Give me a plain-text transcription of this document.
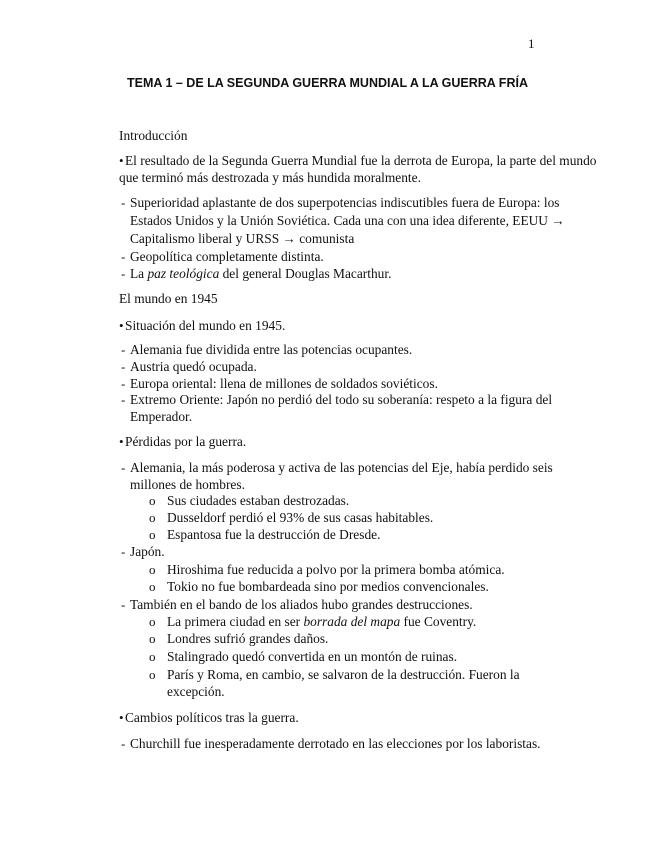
1
TEMA 1 – DE LA SEGUNDA GUERRA MUNDIAL A LA GUERRA FRÍA
Introducción
• El resultado de la Segunda Guerra Mundial fue la derrota de Europa, la parte del mundo
que terminó más destrozada y más hundida moralmente.
- Superioridad aplastante de dos superpotencias indiscutibles fuera de Europa: los
Estados Unidos y la Unión Soviética. Cada una con una idea diferente, EEUU →
Capitalismo liberal y URSS → comunista
- Geopolítica completamente distinta.
- La paz teológica del general Douglas Macarthur.
El mundo en 1945
• Situación del mundo en 1945.
- Alemania fue dividida entre las potencias ocupantes.
- Austria quedó ocupada.
- Europa oriental: llena de millones de soldados soviéticos.
- Extremo Oriente: Japón no perdió del todo su soberanía: respeto a la figura del
Emperador.
• Pérdidas por la guerra.
- Alemania, la más poderosa y activa de las potencias del Eje, había perdido seis
millones de hombres.
o Sus ciudades estaban destrozadas.
o Dusseldorf perdió el 93% de sus casas habitables.
o Espantosa fue la destrucción de Dresde.
- Japón.
o Hiroshima fue reducida a polvo por la primera bomba atómica.
o Tokio no fue bombardeada sino por medios convencionales.
- También en el bando de los aliados hubo grandes destrucciones.
o La primera ciudad en ser borrada del mapa fue Coventry.
o Londres sufrió grandes daños.
o Stalingrado quedó convertida en un montón de ruinas.
o París y Roma, en cambio, se salvaron de la destrucción. Fueron la
excepción.
• Cambios políticos tras la guerra.
- Churchill fue inesperadamente derrotado en las elecciones por los laboristas.
